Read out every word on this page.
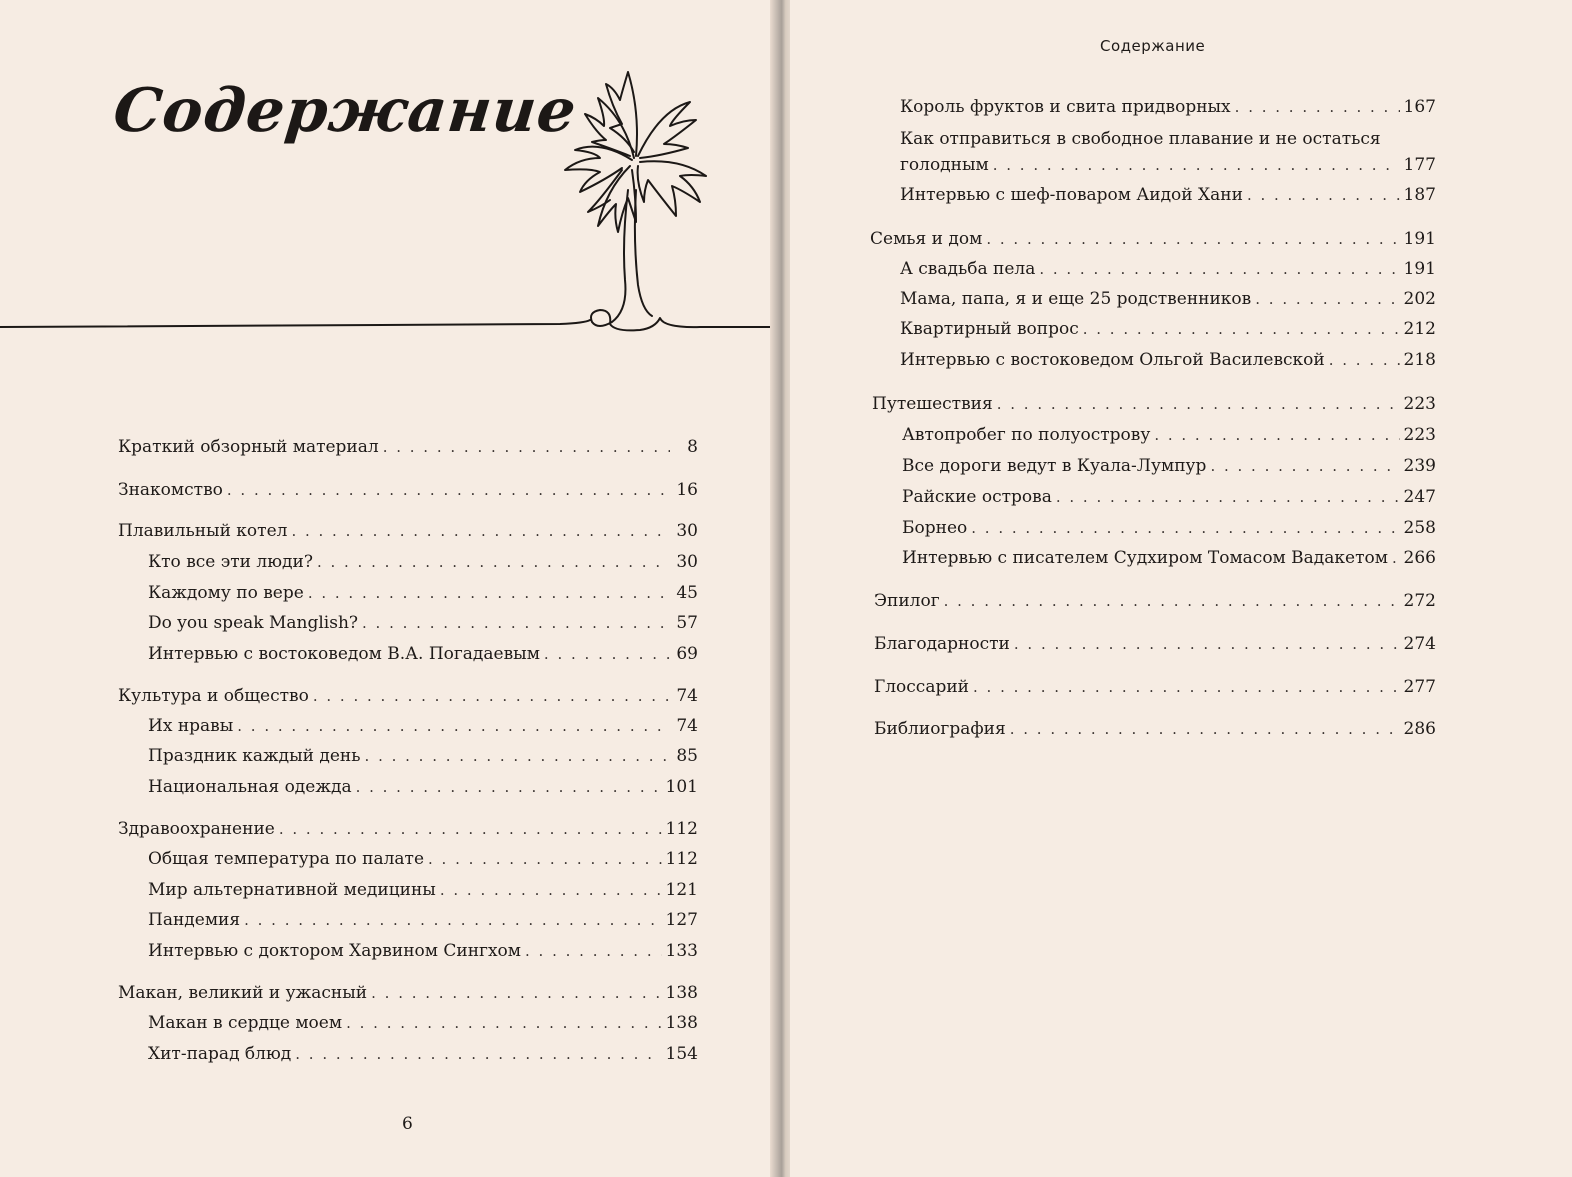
Содержание
Краткий обзорный материал . . .	8
Знакомство . . .	16
Плавильный котел . . .	30
Кто все эти люди? . . .	30
Каждому по вере . . .	45
Do you speak Manglish? . . .	57
Интервью с востоковедом В.А. Погадаевым . . .	69
Культура и общество . . .	74
Их нравы . . .	74
Праздник каждый день . . .	85
Национальная одежда . . .	101
Здравоохранение . . .	112
Общая температура по палате . . .	112
Мир альтернативной медицины . . .	121
Пандемия . . .	127
Интервью с доктором Харвином Сингхом . . .	133
Макан, великий и ужасный . . .	138
Макан в сердце моем . . .	138
Хит-парад блюд . . .	154
6
Содержание
Король фруктов и свита придворных . . .	167
Как отправиться в свободное плавание и не остаться
голодным . . .	177
Интервью с шеф-поваром Аидой Хани . . .	187
Семья и дом . . .	191
А свадьба пела . . .	191
Мама, папа, я и еще 25 родственников . . .	202
Квартирный вопрос . . .	212
Интервью с востоковедом Ольгой Василевской . . .	218
Путешествия . . .	223
Автопробег по полуострову . . .	223
Все дороги ведут в Куала-Лумпур . . .	239
Райские острова . . .	247
Борнео . . .	258
Интервью с писателем Судхиром Томасом Вадакетом . . . 266
Эпилог . . .	272
Благодарности . . .	274
Глоссарий . . .	277
Библиография . . .	286
